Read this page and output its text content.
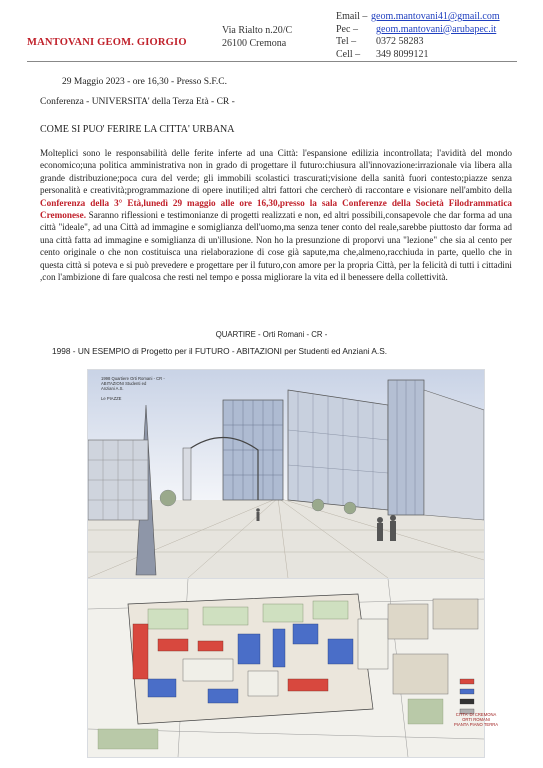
MANTOVANI GEOM. GIORGIO
Via Rialto n.20/C
26100 Cremona
Email – geom.mantovani41@gmail.com
Pec – geom.mantovani@arubapec.it
Tel – 0372 58283
Cell – 349 8099121
29 Maggio 2023 - ore 16,30 - Presso S.F.C.
Conferenza - UNIVERSITA' della Terza Età - CR -
COME SI PUO' FERIRE LA CITTA' URBANA
Molteplici sono le responsabilità delle ferite inferte ad una Città: l'espansione edilizia incontrollata; l'avidità del mondo economico;una politica amministrativa non in grado di progettare il futuro:chiusura all'innovazione:irrazionale via libera alla grande distribuzione;poca cura del verde; gli immobili scolastici trascurati;visione della sanità fuori contesto;piazze senza personalità e creatività;programmazione di opere inutili;ed altri fattori che cercherò di raccontare e visionare nell'ambito della Conferenza della 3° Età,lunedì 29 maggio alle ore 16,30,presso la sala Conferenze della Società Filodrammatica Cremonese. Saranno riflessioni e testimonianze di progetti realizzati e non, ed altri possibili,consapevole che dar forma ad una città "ideale", ad una Città ad immagine e somiglianza dell'uomo,ma senza tener conto del reale,sarebbe piuttosto dar forma ad una città fatta ad immagine e somiglianza di un'illusione. Non ho la presunzione di proporvi una "lezione" che sia al cento per cento originale o che non costituisca una rielaborazione di cose già sapute,ma che,almeno,racchiuda in parte, quello che in questa città si poteva e si può prevedere e progettare per il futuro,con amore per la propria Città, per la felicità di tutti i cittadini ,con l'ambizione di fare qualcosa che resti nel tempo e possa migliorare la vita ed il benessere della collettività.
QUARTIRE - Orti Romani - CR -
1998 - UN ESEMPIO di Progetto per il FUTURO - ABITAZIONI per Studenti ed Anziani A.S.
1998 Quartiere Orti Romani - CR -
ABITAZIONI Studenti ed
Anziani A.S.

Le PIAZZE
CITTA' DI CREMONA
ORTI ROMANI
PIANTA PIANO TERRA
